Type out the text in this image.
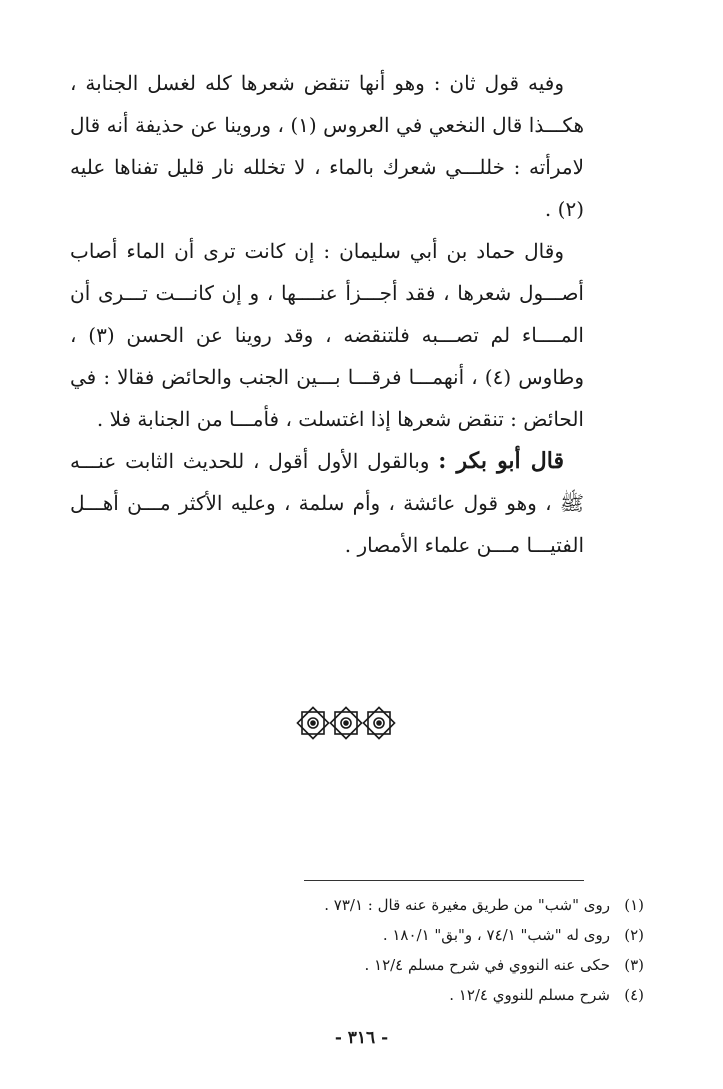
وفيه قول ثان : وهو أنها تنقض شعرها كله لغسل الجنابة ، هكـــذا قال النخعي في العروس (١) ، وروينا عن حذيفة أنه قال لامرأته : خللـــي شعرك بالماء ، لا تخلله نار قليل تفناها عليه (٢) .

وقال حماد بن أبي سليمان : إن كانت ترى أن الماء أصاب أصـــول شعرها ، فقد أجـــزأ عنــــها ، و إن كانـــت تـــرى أن المــــاء لم تصـــبه فلتنقضه ، وقد روينا عن الحسن (٣) ، وطاوس (٤) ، أنهمـــا فرقـــا بـــين الجنب والحائض فقالا : في الحائض : تنقض شعرها إذا اغتسلت ، فأمـــا من الجنابة فلا .

قال أبو بكر : وبالقول الأول أقول ، للحديث الثابت عنـــه ﷺ ، وهو قول عائشة ، وأم سلمة ، وعليه الأكثر مـــن أهـــل الفتيـــا مـــن علماء الأمصار .

(١)
روى "شب" من طريق مغيرة عنه قال : ٧٣/١ .
(٢)
روى له "شب" ٧٤/١ ، و"بق" ١٨٠/١ .
(٣)
حكى عنه النووي في شرح مسلم ١٢/٤ .
(٤)
شرح مسلم للنووي ١٢/٤ .
- ٣١٦ -
